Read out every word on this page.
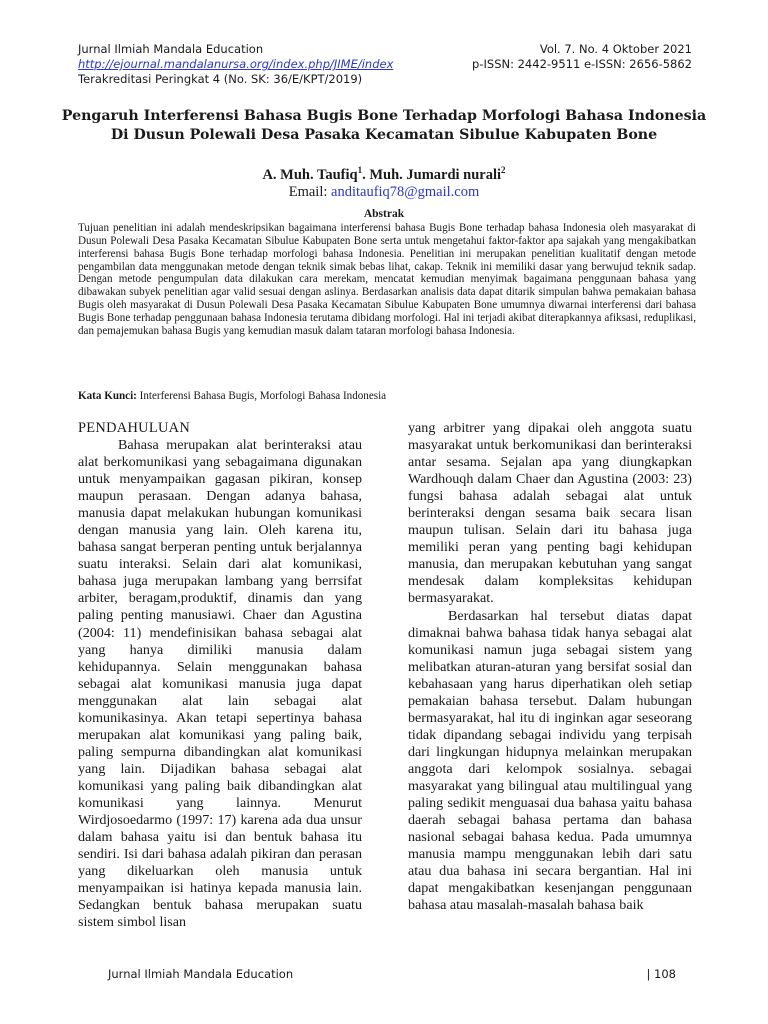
Jurnal Ilmiah Mandala Education
http://ejournal.mandalanursa.org/index.php/JIME/index
Terakreditasi Peringkat 4 (No. SK: 36/E/KPT/2019)
Vol. 7. No. 4 Oktober 2021
p-ISSN: 2442-9511 e-ISSN: 2656-5862
Pengaruh Interferensi Bahasa Bugis Bone Terhadap Morfologi Bahasa Indonesia Di Dusun Polewali Desa Pasaka Kecamatan Sibulue Kabupaten Bone
A. Muh. Taufiq$^1$. Muh. Jumardi nurali$^2$
Email: anditaufiq78@gmail.com
Abstrak

Tujuan penelitian ini adalah mendeskripsikan bagaimana interferensi bahasa Bugis Bone terhadap bahasa Indonesia oleh masyarakat di Dusun Polewali Desa Pasaka Kecamatan Sibulue Kabupaten Bone serta untuk mengetahui faktor-faktor apa sajakah yang mengakibatkan interferensi bahasa Bugis Bone terhadap morfologi bahasa Indonesia. Penelitian ini merupakan penelitian kualitatif dengan metode pengambilan data menggunakan metode dengan teknik simak bebas lihat, cakap. Teknik ini memiliki dasar yang berwujud teknik sadap. Dengan metode pengumpulan data dilakukan cara merekam, mencatat kemudian menyimak bagaimana penggunaan bahasa yang dibawakan subyek penelitian agar valid sesuai dengan aslinya. Berdasarkan analisis data dapat ditarik simpulan bahwa pemakaian bahasa Bugis oleh masyarakat di Dusun Polewali Desa Pasaka Kecamatan Sibulue Kabupaten Bone umumnya diwarnai interferensi dari bahasa Bugis Bone terhadap penggunaan bahasa Indonesia terutama dibidang morfologi. Hal ini terjadi akibat diterapkannya afiksasi, reduplikasi, dan pemajemukan bahasa Bugis yang kemudian masuk dalam tataran morfologi bahasa Indonesia.

Kata Kunci: Interferensi Bahasa Bugis, Morfologi Bahasa Indonesia

PENDAHULUAN

Bahasa merupakan alat berinteraksi atau alat berkomunikasi yang sebagaimana digunakan untuk menyampaikan gagasan pikiran, konsep maupun perasaan. Dengan adanya bahasa, manusia dapat melakukan hubungan komunikasi dengan manusia yang lain. Oleh karena itu, bahasa sangat berperan penting untuk berjalannya suatu interaksi. Selain dari alat komunikasi, bahasa juga merupakan lambang yang berrsifat arbiter, beragam,produktif, dinamis dan yang paling penting manusiawi. Chaer dan Agustina (2004: 11) mendefinisikan bahasa sebagai alat yang hanya dimiliki manusia dalam kehidupannya. Selain menggunakan bahasa sebagai alat komunikasi manusia juga dapat menggunakan alat lain sebagai alat komunikasinya. Akan tetapi sepertinya bahasa merupakan alat komunikasi yang paling baik, paling sempurna dibandingkan alat komunikasi yang lain. Dijadikan bahasa sebagai alat komunikasi yang paling baik dibandingkan alat komunikasi yang lainnya. Menurut Wirdjosoedarmo (1997: 17) karena ada dua unsur dalam bahasa yaitu isi dan bentuk bahasa itu sendiri. Isi dari bahasa adalah pikiran dan perasan yang dikeluarkan oleh manusia untuk menyampaikan isi hatinya kepada manusia lain. Sedangkan bentuk bahasa merupakan suatu sistem simbol lisan

yang arbitrer yang dipakai oleh anggota suatu masyarakat untuk berkomunikasi dan berinteraksi antar sesama. Sejalan apa yang diungkapkan Wardhouqh dalam Chaer dan Agustina (2003: 23) fungsi bahasa adalah sebagai alat untuk berinteraksi dengan sesama baik secara lisan maupun tulisan. Selain dari itu bahasa juga memiliki peran yang penting bagi kehidupan manusia, dan merupakan kebutuhan yang sangat mendesak dalam kompleksitas kehidupan bermasyarakat.

Berdasarkan hal tersebut diatas dapat dimaknai bahwa bahasa tidak hanya sebagai alat komunikasi namun juga sebagai sistem yang melibatkan aturan-aturan yang bersifat sosial dan kebahasaan yang harus diperhatikan oleh setiap pemakaian bahasa tersebut. Dalam hubungan bermasyarakat, hal itu di inginkan agar seseorang tidak dipandang sebagai individu yang terpisah dari lingkungan hidupnya melainkan merupakan anggota dari kelompok sosialnya. sebagai masyarakat yang bilingual atau multilingual yang paling sedikit menguasai dua bahasa yaitu bahasa daerah sebagai bahasa pertama dan bahasa nasional sebagai bahasa kedua. Pada umumnya manusia mampu menggunakan lebih dari satu atau dua bahasa ini secara bergantian. Hal ini dapat mengakibatkan kesenjangan penggunaan bahasa atau masalah-masalah bahasa baik

Jurnal Ilmiah Mandala Education	| 108
